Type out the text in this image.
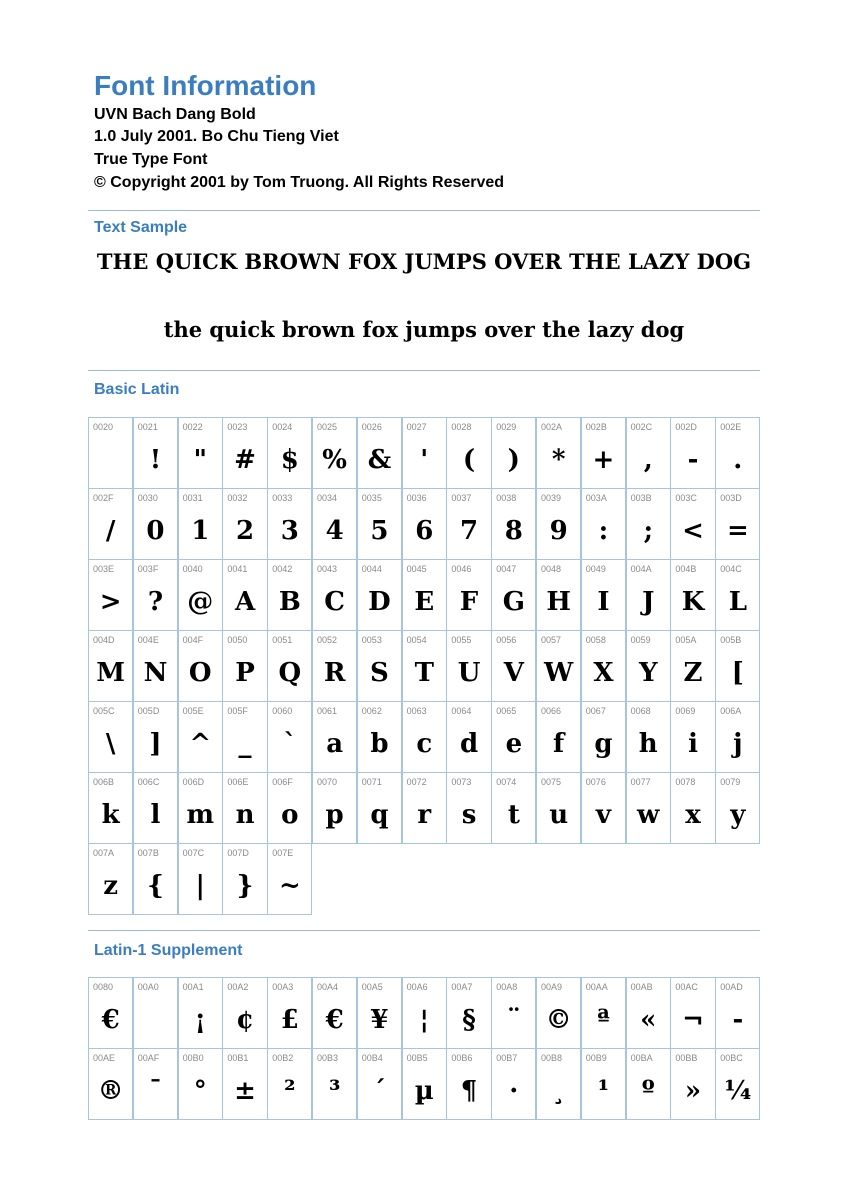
Font Information
UVN Bach Dang Bold
1.0 July 2001. Bo Chu Tieng Viet
True Type Font
© Copyright 2001 by Tom Truong. All Rights Reserved
Text Sample
THE QUICK BROWN FOX JUMPS OVER THE LAZY DOG
the quick brown fox jumps over the lazy dog
Basic Latin
0020	0021
!
0022
"
0023
#
0024
$
0025
%
0026
&
0027
'
0028
(
0029
)
002A
*
002B
+
002C
,
002D
-
002E
.
002F
/
0030
0
0031
1
0032
2
0033
3
0034
4
0035
5
0036
6
0037
7
0038
8
0039
9
003A
:
003B
;
003C
<
003D
=
003E
>
003F
?
0040
@
0041
A
0042
B
0043
C
0044
D
0045
E
0046
F
0047
G
0048
H
0049
I
004A
J
004B
K
004C
L
004D
M
004E
N
004F
O
0050
P
0051
Q
0052
R
0053
S
0054
T
0055
U
0056
V
0057
W
0058
X
0059
Y
005A
Z
005B
[
005C
\
005D
]
005E
^
005F
_
0060
`
0061
a
0062
b
0063
c
0064
d
0065
e
0066
f
0067
g
0068
h
0069
i
006A
j
006B
k
006C
l
006D
m
006E
n
006F
o
0070
p
0071
q
0072
r
0073
s
0074
t
0075
u
0076
v
0077
w
0078
x
0079
y
007A
z
007B
{
007C
|
007D
}
007E
~
Latin-1 Supplement
0080
€
00A0	00A1
¡
00A2
¢
00A3
£
00A4
€
00A5
¥
00A6
¦
00A7
§
00A8
¨
00A9
©
00AA
ª
00AB
«
00AC
¬
00AD
-
00AE
®
00AF
¯
00B0
°
00B1
±
00B2
²
00B3
³
00B4
´
00B5
µ
00B6
¶
00B7
·
00B8
¸
00B9
¹
00BA
º
00BB
»
00BC
¼
